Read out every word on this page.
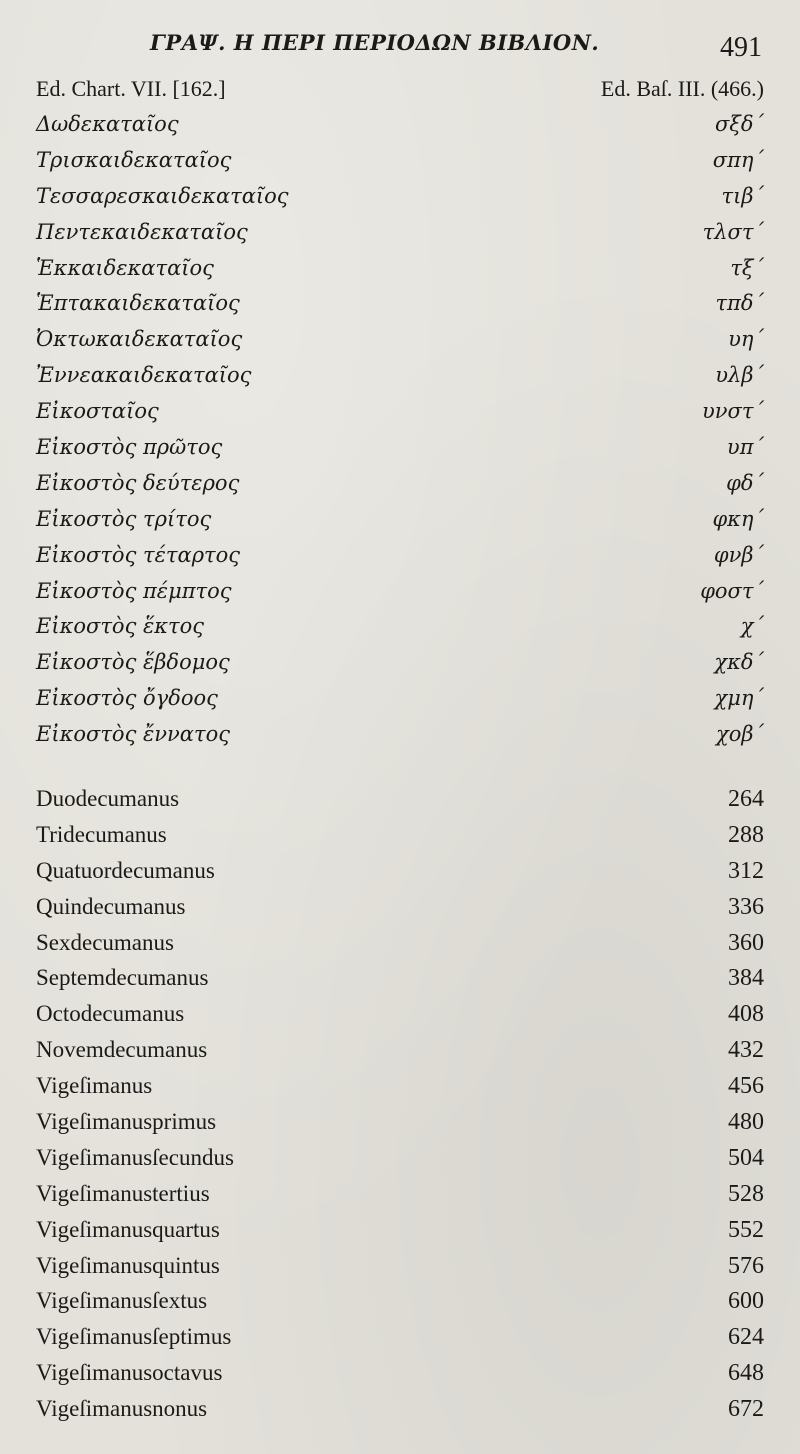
ΓΡΑΨ. Η ΠΕΡΙ ΠΕΡΙΟΔΩΝ ΒΙΒΛΙΟΝ.	491
Ed. Chart. VII. [162.]	Ed. Baſ. III. (466.)
Δωδεκαταῖος	σξδ´
Τρισκαιδεκαταῖος	σπη´
Τεσσαρεσκαιδεκαταῖος	τιβ´
Πεντεκαιδεκαταῖος	τλστ´
Ἑκκαιδεκαταῖος	τξ´
Ἑπτακαιδεκαταῖος	τπδ´
Ὀκτωκαιδεκαταῖος	υη´
Ἐννεακαιδεκαταῖος	υλβ´
Εἰκοσταῖος	υνστ´
Εἰκοστὸς πρῶτος	υπ´
Εἰκοστὸς δεύτερος	φδ´
Εἰκοστὸς τρίτος	φκη´
Εἰκοστὸς τέταρτος	φνβ´
Εἰκοστὸς πέμπτος	φοστ´
Εἰκοστὸς ἕκτος	χ´
Εἰκοστὸς ἕβδομος	χκδ´
Εἰκοστὸς ὄγδοος	χμη´
Εἰκοστὸς ἔννατος	χοβ´
Duodecumanus	264
Tridecumanus	288
Quatuordecumanus	312
Quindecumanus	336
Sexdecumanus	360
Septemdecumanus	384
Octodecumanus	408
Novemdecumanus	432
Vigeſimanus	456
Vigeſimanusprimus	480
Vigeſimanusſecundus	504
Vigeſimanustertius	528
Vigeſimanusquartus	552
Vigeſimanusquintus	576
Vigeſimanusſextus	600
Vigeſimanusſeptimus	624
Vigeſimanusoctavus	648
Vigeſimanusnonus	672
